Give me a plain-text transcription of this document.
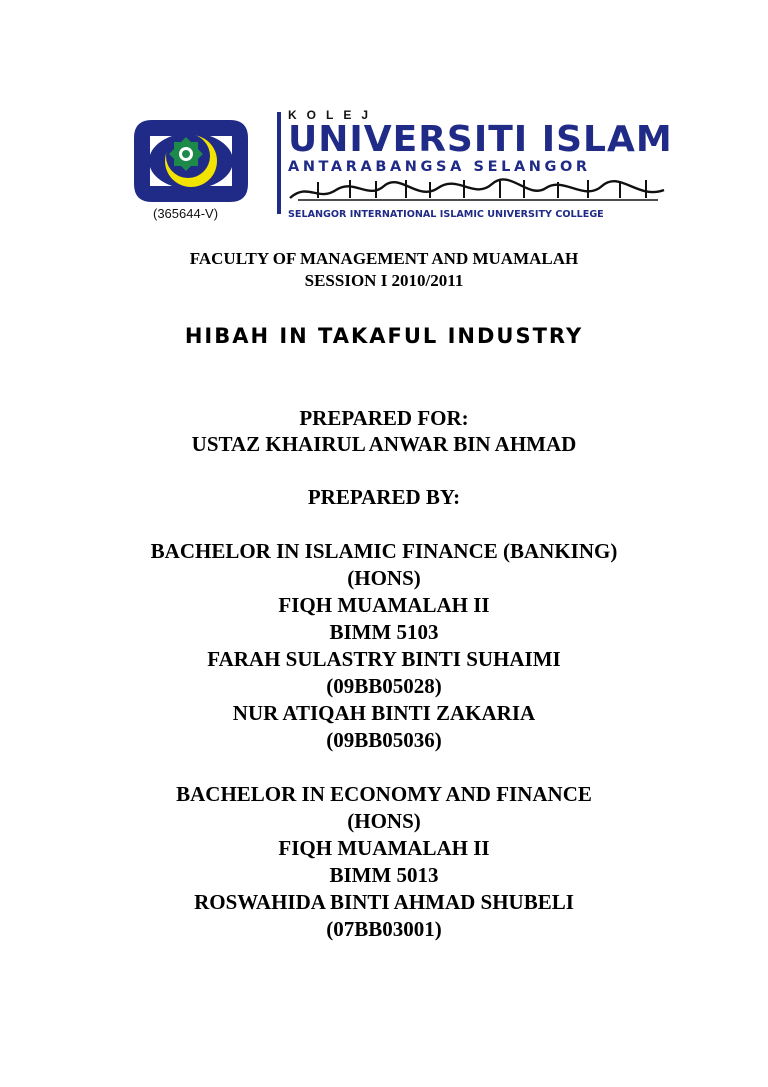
(365644-V)
KOLEJ
UNIVERSITI ISLAM
ANTARABANGSA SELANGOR
SELANGOR INTERNATIONAL ISLAMIC UNIVERSITY COLLEGE
FACULTY OF MANAGEMENT AND MUAMALAH
SESSION I 2010/2011
HIBAH IN TAKAFUL INDUSTRY
PREPARED FOR:
USTAZ KHAIRUL ANWAR BIN AHMAD
PREPARED BY:
BACHELOR IN ISLAMIC FINANCE (BANKING)
(HONS)
FIQH MUAMALAH II
BIMM 5103
FARAH SULASTRY BINTI SUHAIMI
(09BB05028)
NUR ATIQAH BINTI ZAKARIA
(09BB05036)
BACHELOR IN ECONOMY AND FINANCE
(HONS)
FIQH MUAMALAH II
BIMM 5013
ROSWAHIDA BINTI AHMAD SHUBELI
(07BB03001)
